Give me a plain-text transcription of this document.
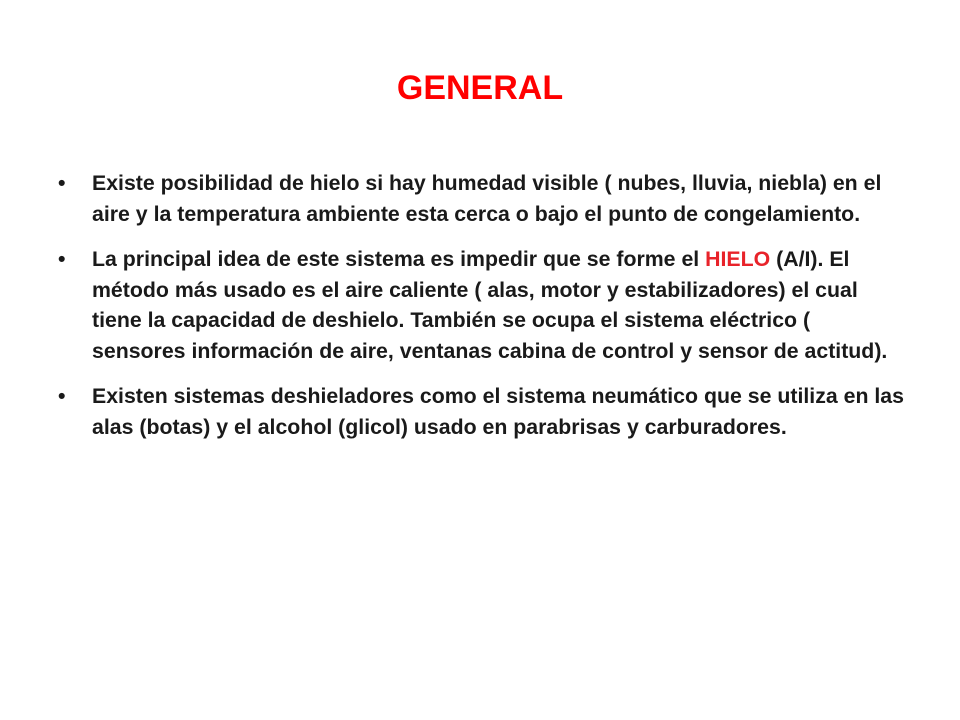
GENERAL
•	Existe posibilidad de hielo si hay humedad visible ( nubes, lluvia, niebla) en el aire y la temperatura ambiente esta cerca o bajo el punto de congelamiento.
•	La principal idea de este sistema es impedir que se forme el HIELO (A/I). El método más usado es el aire caliente ( alas, motor y estabilizadores) el cual tiene la capacidad de deshielo. También se ocupa el sistema eléctrico ( sensores información de aire, ventanas cabina de control y sensor de actitud).
•	Existen sistemas deshieladores como el sistema neumático que se utiliza en las alas (botas) y el alcohol (glicol) usado en parabrisas y carburadores.
